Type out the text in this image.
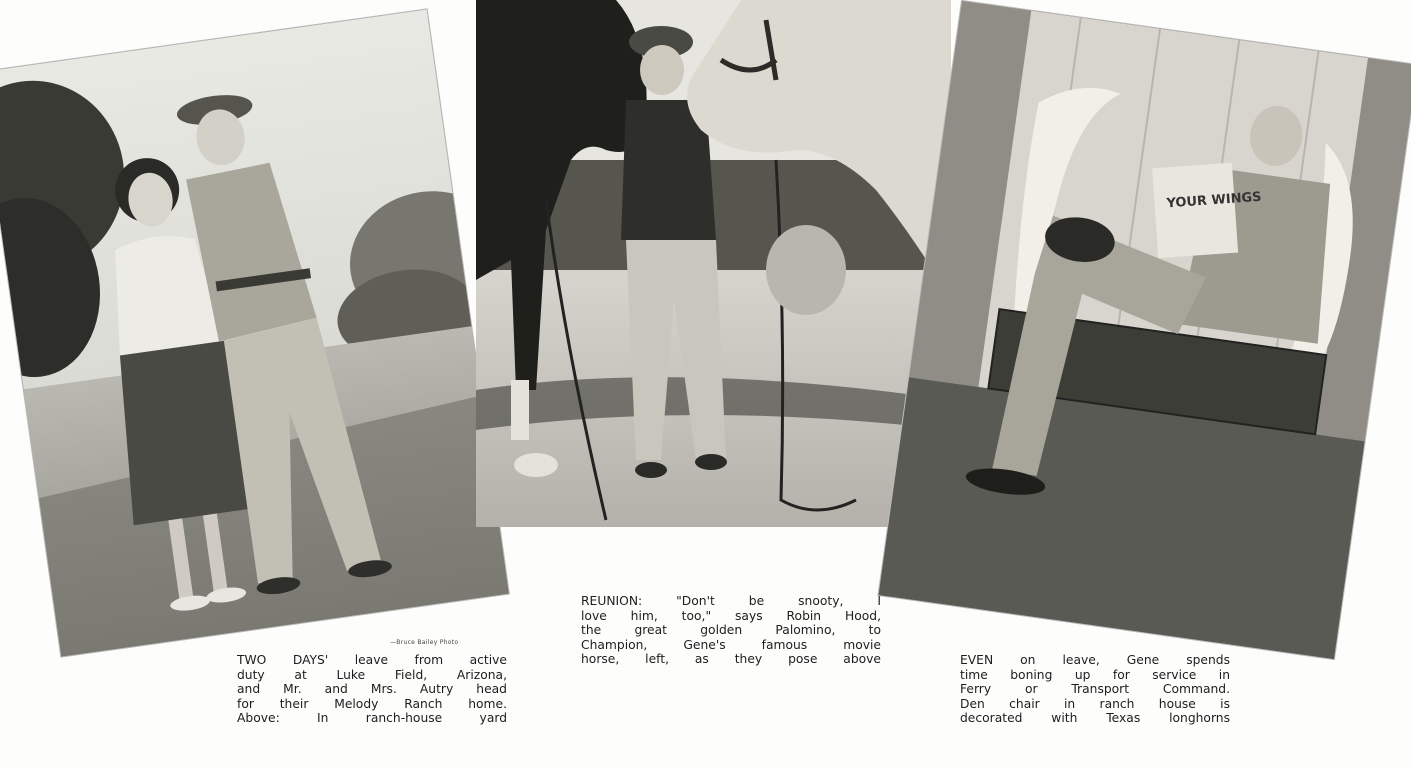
YOUR WINGS
—Bruce Bailey Photo
TWO DAYS' leave from active
duty at Luke Field, Arizona,
and Mr. and Mrs. Autry head
for their Melody Ranch home.
Above: In ranch-house yard
REUNION: "Don't be snooty, I
love him, too," says Robin Hood,
the great golden Palomino, to
Champion, Gene's famous movie
horse, left, as they pose above	EVEN on leave, Gene spends
time boning up for service in
Ferry or Transport Command.
Den chair in ranch house is
decorated with Texas longhorns
